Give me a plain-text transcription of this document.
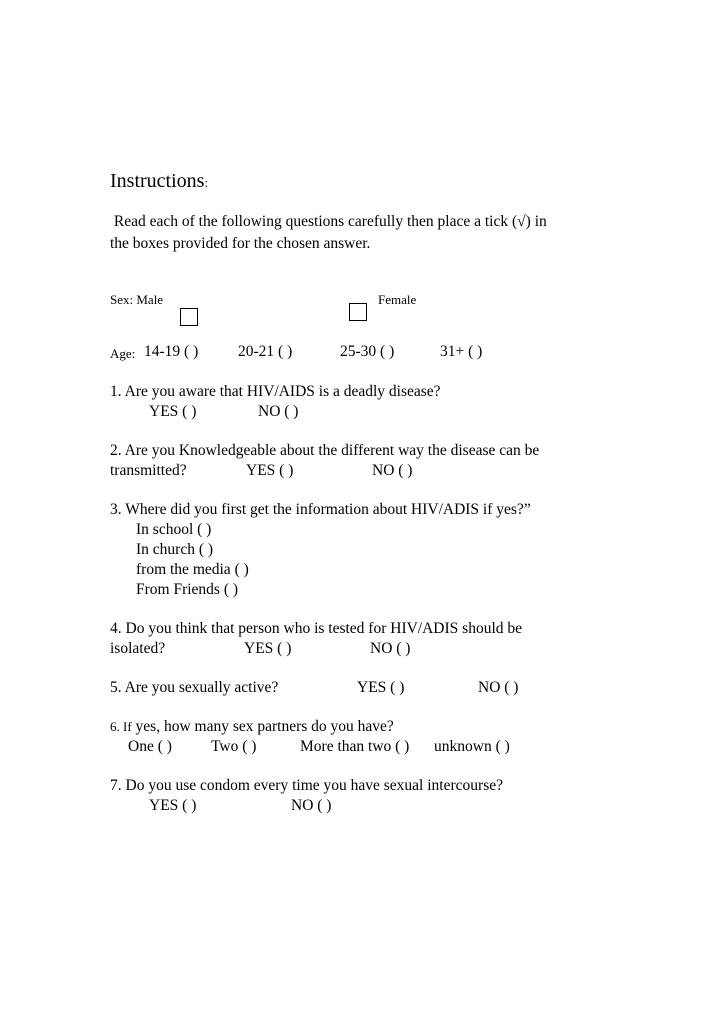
Instructions:
Read each of the following questions carefully then place a tick (√) in
the boxes provided for the chosen answer.
Sex: Male	Female
Age: 14-19 ( )	20-21 ( )	25-30 ( )	31+ ( )
1. Are you aware that HIV/AIDS is a deadly disease?
YES ( )	NO ( )
2. Are you Knowledgeable about the different way the disease can be
transmitted?	YES ( )	NO ( )
3. Where did you first get the information about HIV/ADIS if yes?”
In school ( )
In church ( )
from the media ( )
From Friends ( )
4. Do you think that person who is tested for HIV/ADIS should be
isolated?	YES ( )	NO ( )
5. Are you sexually active?	YES ( )	NO ( )
6. If yes, how many sex partners do you have?
One ( )	Two ( )	More than two ( ) unknown ( )
7. Do you use condom every time you have sexual intercourse?
YES ( )	NO ( )
